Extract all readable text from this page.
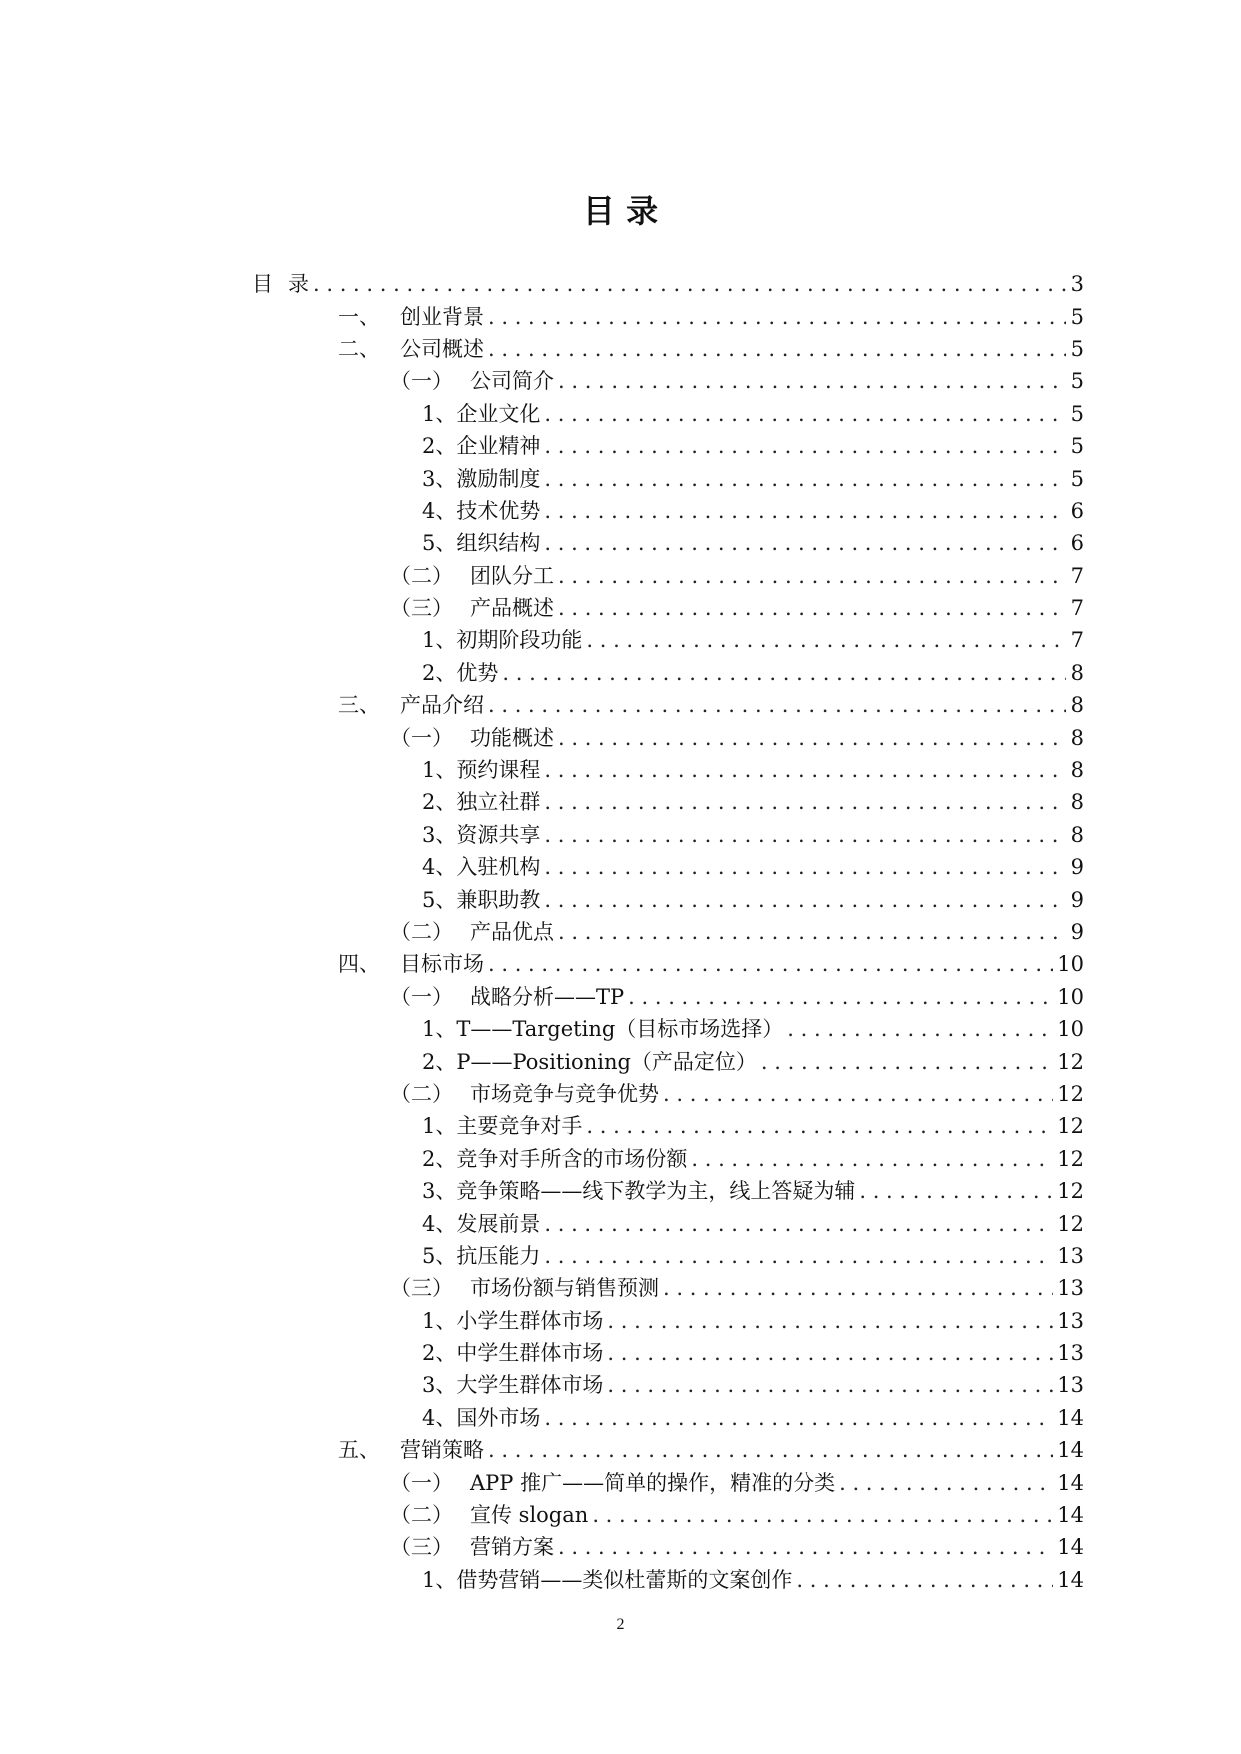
目 录
目 录 . . .	3
一、 创业背景 . . .	5
二、 公司概述 . . .	5
（一） 公司简介 . . .	5
1、企业文化 . . .	5
2、企业精神 . . .	5
3、激励制度 . . .	5
4、技术优势 . . .	6
5、组织结构 . . .	6
（二） 团队分工 . . .	7
（三） 产品概述 . . .	7
1、初期阶段功能 . . .	7
2、优势 . . .	8
三、 产品介绍 . . .	8
（一） 功能概述 . . .	8
1、预约课程 . . .	8
2、独立社群 . . .	8
3、资源共享 . . .	8
4、入驻机构 . . .	9
5、兼职助教 . . .	9
（二） 产品优点 . . .	9
四、 目标市场 . . .	10
（一） 战略分析——TP . . .	10
1、T——Targeting（目标市场选择） . . .	10
2、P——Positioning（产品定位） . . .	12
（二） 市场竞争与竞争优势 . . .	12
1、主要竞争对手 . . .	12
2、竞争对手所含的市场份额 . . .	12
3、竞争策略——线下教学为主，线上答疑为辅 . . .	12
4、发展前景 . . .	12
5、抗压能力 . . .	13
（三） 市场份额与销售预测 . . .	13
1、小学生群体市场 . . .	13
2、中学生群体市场 . . .	13
3、大学生群体市场 . . .	13
4、国外市场 . . .	14
五、 营销策略 . . .	14
（一） APP 推广——简单的操作，精准的分类 . . .	14
（二） 宣传 slogan . . .	14
（三） 营销方案 . . .	14
1、借势营销——类似杜蕾斯的文案创作 . . .	14
2
